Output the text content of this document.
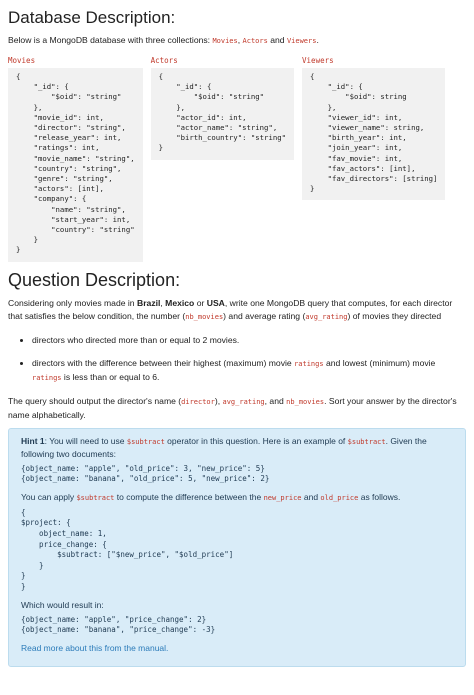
Database Description:

Below is a MongoDB database with three collections: Movies, Actors and Viewers.

Movies
{
"_id": {
"$oid": "string"
},
"movie_id": int,
"director": "string",
"release_year": int,
"ratings": int,
"movie_name": "string",
"country": "string",
"genre": "string",
"actors": [int],
"company": {
"name": "string",
"start_year": int,
"country": "string"
}
}
Actors
{
"_id": {
"$oid": "string"
},
"actor_id": int,
"actor_name": "string",
"birth_country": "string"
}
Viewers
{
"_id": {
"$oid": string
},
"viewer_id": int,
"viewer_name": string,
"birth_year": int,
"join_year": int,
"fav_movie": int,
"fav_actors": [int],
"fav_directors": [string]
}
Question Description:

Considering only movies made in Brazil, Mexico or USA, write one MongoDB query that computes, for each director that satisfies the below condition, the number (nb_movies) and average rating (avg_rating) of movies they directed

• directors who directed more than or equal to 2 movies.
• directors with the difference between their highest (maximum) movie ratings and lowest (minimum) movie ratings is less than or equal to 6.

The query should output the director's name (director), avg_rating, and nb_movies. Sort your answer by the director's name alphabetically.

Hint 1: You will need to use $subtract operator in this question. Here is an example of $subtract. Given the following two documents:

{object_name: "apple", "old_price": 3, "new_price": 5}
{object_name: "banana", "old_price": 5, "new_price": 2}

You can apply $subtract to compute the difference between the new_price and old_price as follows.

{
$project: {
object_name: 1,
price_change: {
$subtract: ["$new_price", "$old_price"]
}
}
}

Which would result in:

{object_name: "apple", "price_change": 2}
{object_name: "banana", "price_change": -3}

Read more about this from the manual.
